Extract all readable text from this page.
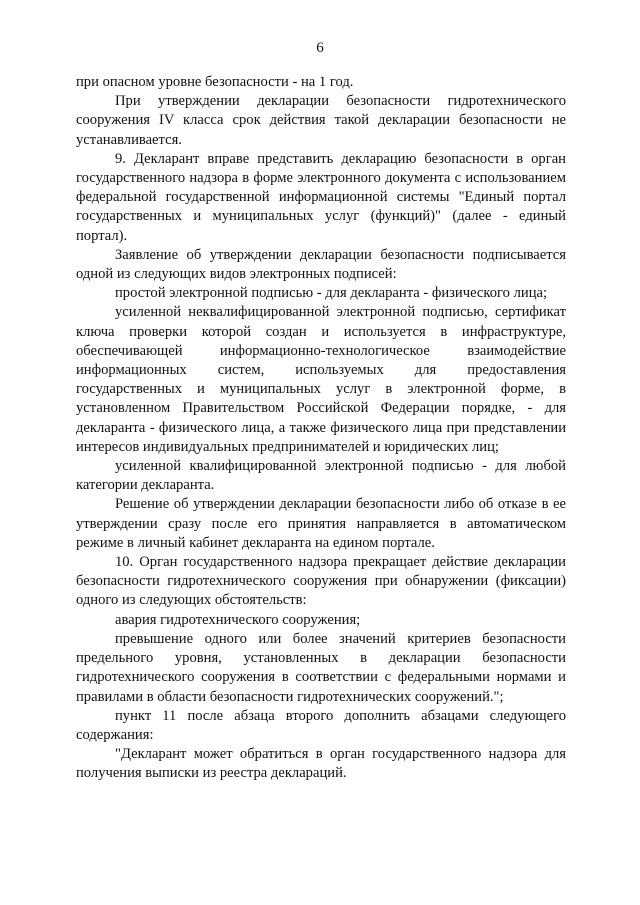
6

при опасном уровне безопасности - на 1 год.

При утверждении декларации безопасности гидротехнического сооружения IV класса срок действия такой декларации безопасности не устанавливается.

9. Декларант вправе представить декларацию безопасности в орган государственного надзора в форме электронного документа с использованием федеральной государственной информационной системы "Единый портал государственных и муниципальных услуг (функций)" (далее - единый портал).

Заявление об утверждении декларации безопасности подписывается одной из следующих видов электронных подписей:

простой электронной подписью - для декларанта - физического лица;

усиленной неквалифицированной электронной подписью, сертификат ключа проверки которой создан и используется в инфраструктуре, обеспечивающей информационно-технологическое взаимодействие информационных систем, используемых для предоставления государственных и муниципальных услуг в электронной форме, в установленном Правительством Российской Федерации порядке, - для декларанта - физического лица, а также физического лица при представлении интересов индивидуальных предпринимателей и юридических лиц;

усиленной квалифицированной электронной подписью - для любой категории декларанта.

Решение об утверждении декларации безопасности либо об отказе в ее утверждении сразу после его принятия направляется в автоматическом режиме в личный кабинет декларанта на едином портале.

10. Орган государственного надзора прекращает действие декларации безопасности гидротехнического сооружения при обнаружении (фиксации) одного из следующих обстоятельств:

авария гидротехнического сооружения;

превышение одного или более значений критериев безопасности предельного уровня, установленных в декларации безопасности гидротехнического сооружения в соответствии с федеральными нормами и правилами в области безопасности гидротехнических сооружений.";

пункт 11 после абзаца второго дополнить абзацами следующего содержания:

"Декларант может обратиться в орган государственного надзора для получения выписки из реестра деклараций.
